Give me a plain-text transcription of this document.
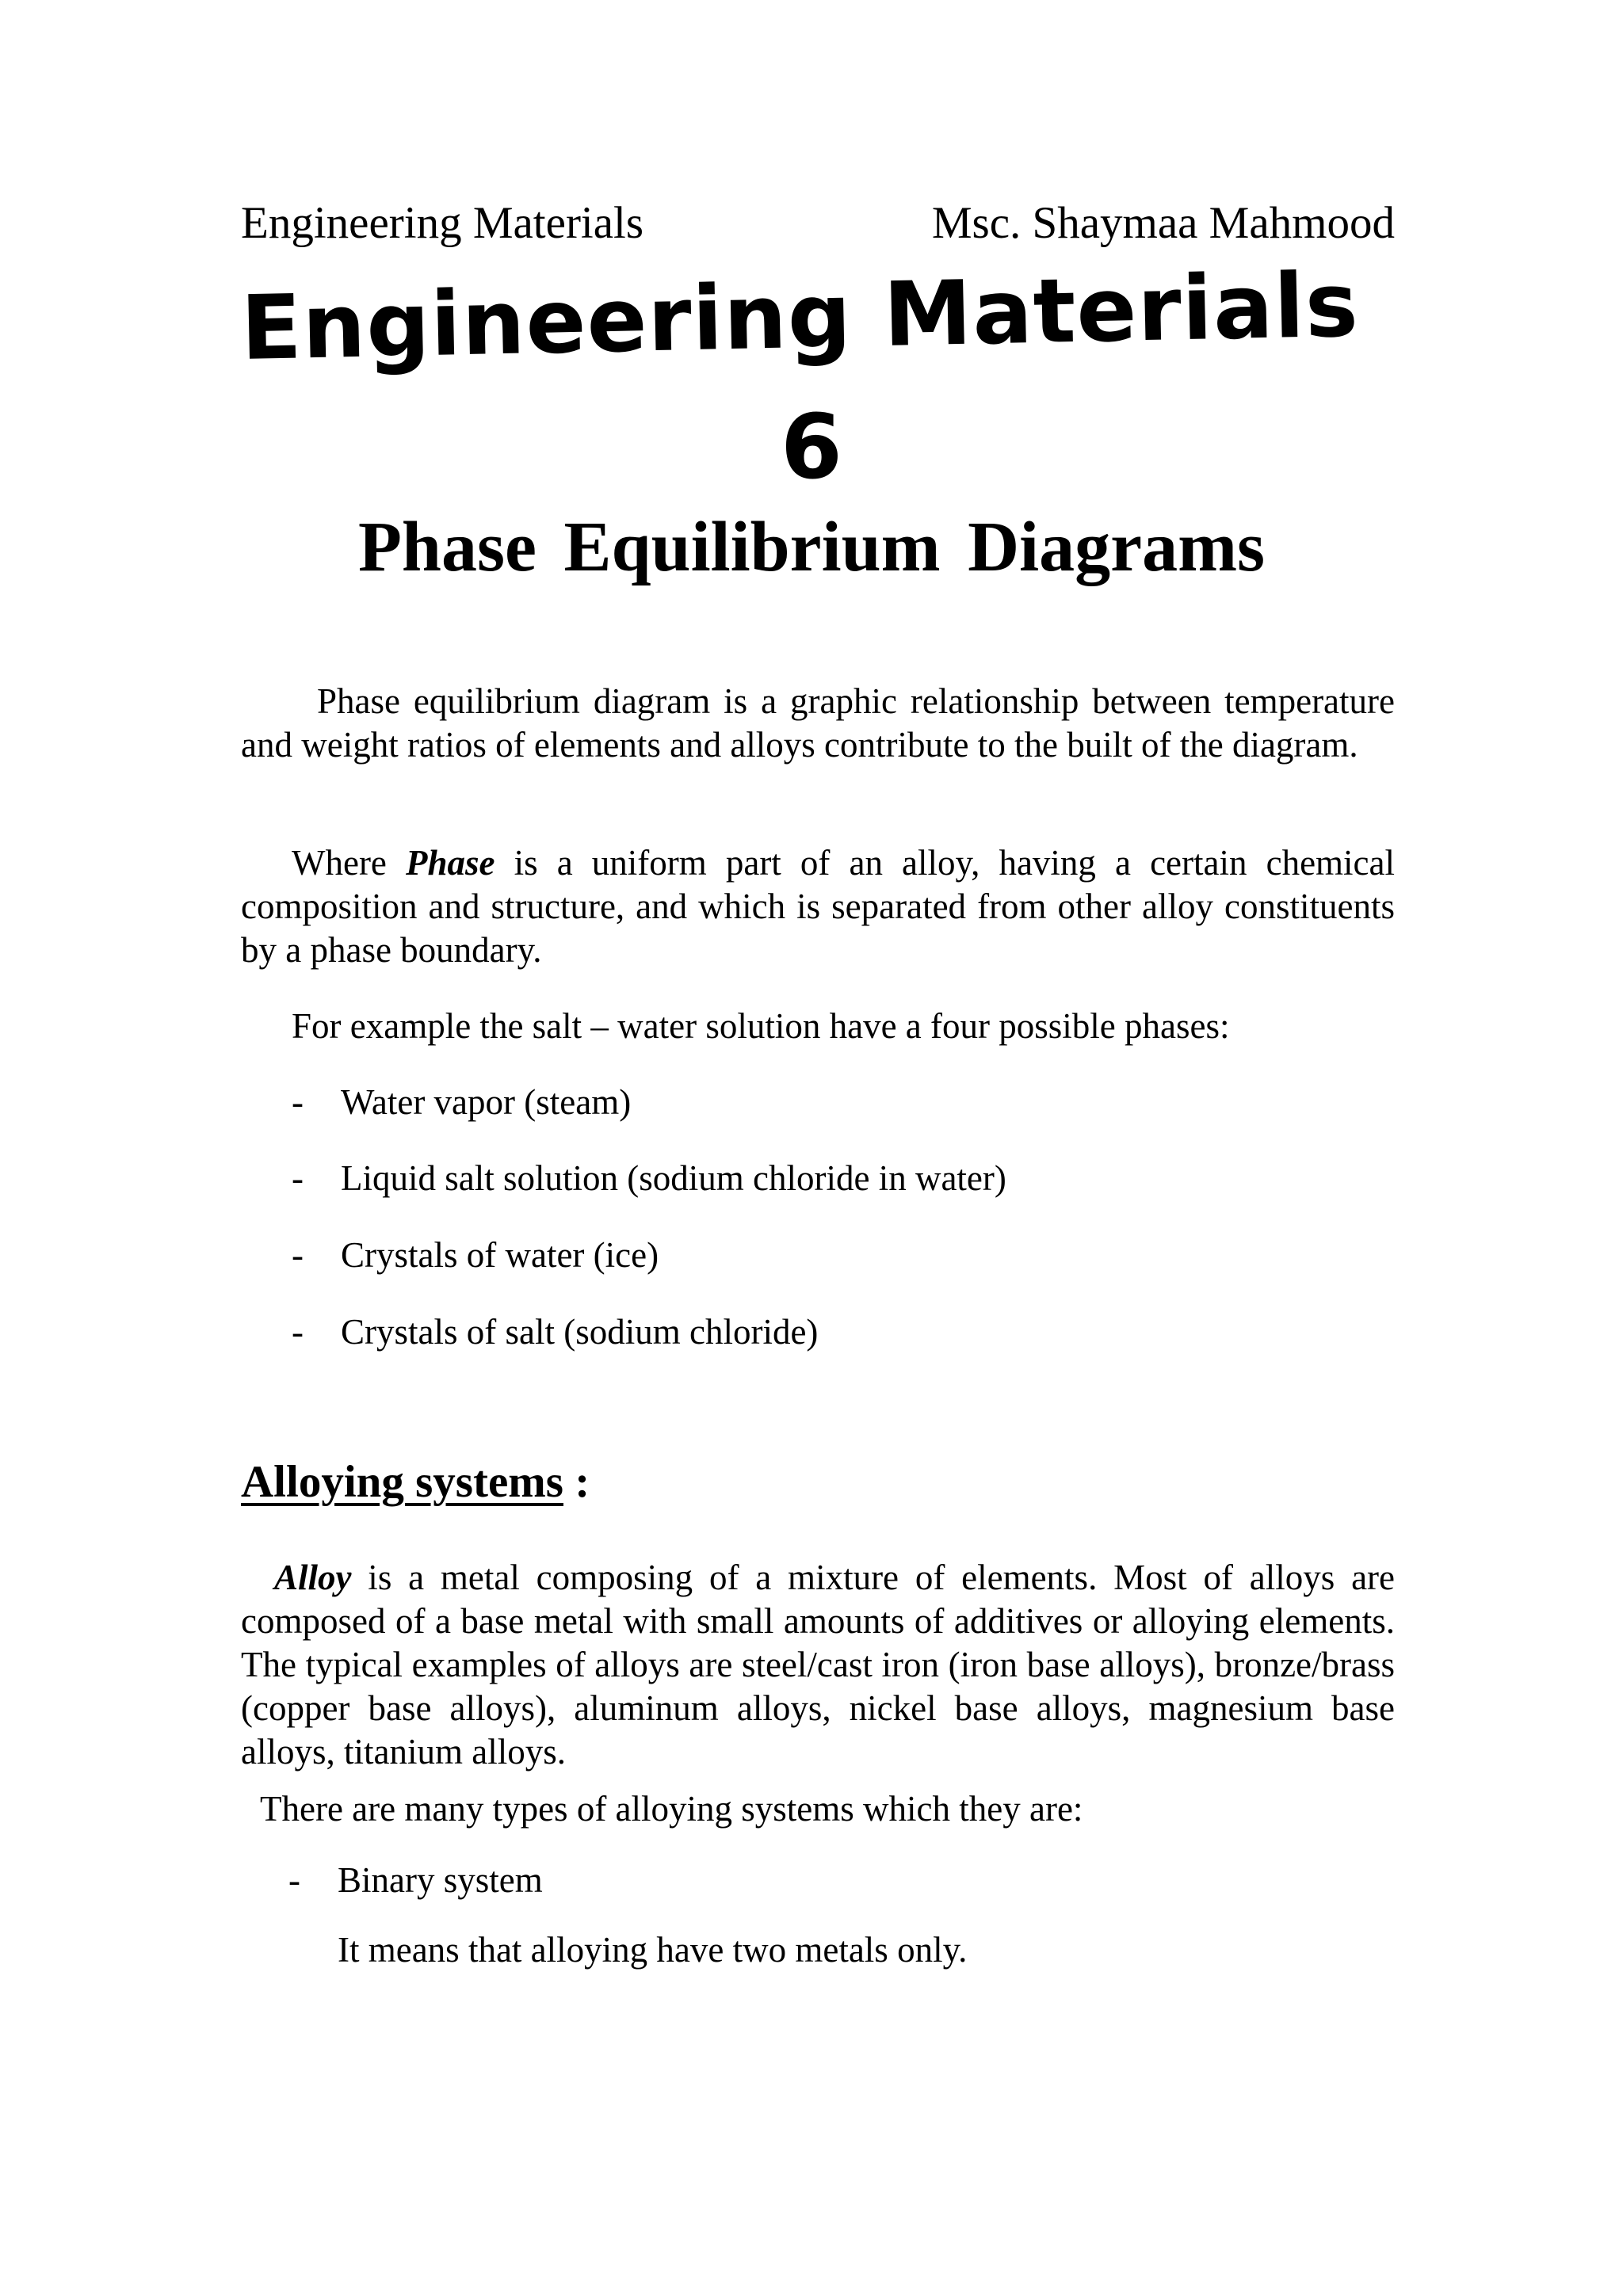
Engineering Materials	Msc. Shaymaa Mahmood
Engineering Materials
6
Phase Equilibrium Diagrams

Phase equilibrium diagram is a graphic relationship between temperature and weight ratios of elements and alloys contribute to the built of the diagram.

Where Phase is a uniform part of an alloy, having a certain chemical composition and structure, and which is separated from other alloy constituents by a phase boundary.

For example the salt – water solution have a four possible phases:

-	Water vapor (steam)
-	Liquid salt solution (sodium chloride in water)
-	Crystals of water (ice)
-	Crystals of salt (sodium chloride)
Alloying systems :

Alloy is a metal composing of a mixture of elements. Most of alloys are composed of a base metal with small amounts of additives or alloying elements. The typical examples of alloys are steel/cast iron (iron base alloys), bronze/brass (copper base alloys), aluminum alloys, nickel base alloys, magnesium base alloys, titanium alloys.

There are many types of alloying systems which they are:

-	Binary system
It means that alloying have two metals only.
